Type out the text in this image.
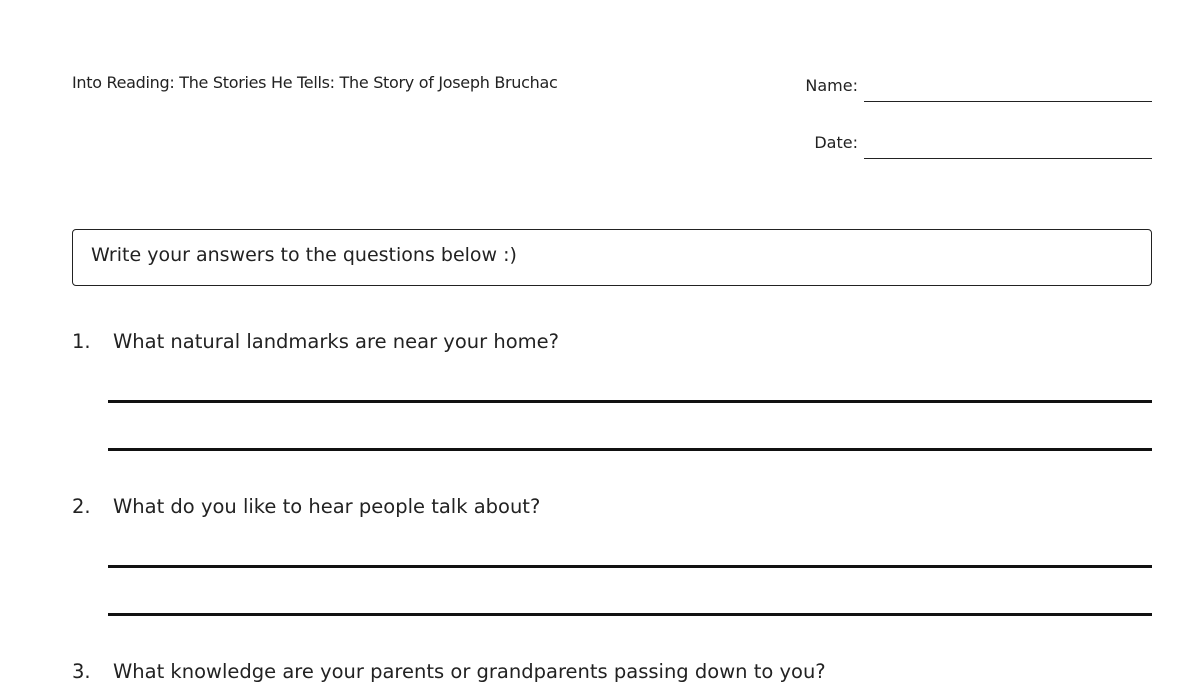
Into Reading: The Stories He Tells: The Story of Joseph Bruchac	Name:
Date:
Write your answers to the questions below :)
1. What natural landmarks are near your home?
2. What do you like to hear people talk about?
3. What knowledge are your parents or grandparents passing down to you?
